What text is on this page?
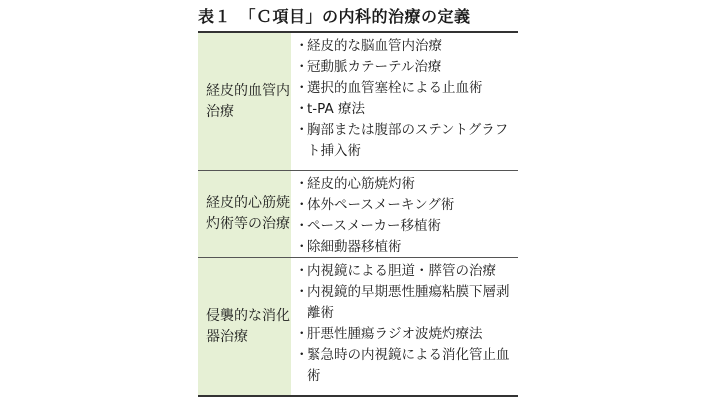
表１　「Ｃ項目」の内科的治療の定義
経皮的血管内
治療
・
経皮的な脳血管内治療
・
冠動脈カテーテル治療
・
選択的血管塞栓による止血術
・
t-PA 療法
・
胸部または腹部のステントグラフト挿入術
経皮的心筋焼
灼術等の治療
・
経皮的心筋焼灼術
・
体外ペースメーキング術
・
ペースメーカー移植術
・
除細動器移植術
侵襲的な消化
器治療
・
内視鏡による胆道・膵管の治療
・
内視鏡的早期悪性腫瘍粘膜下層剥離術
・
肝悪性腫瘍ラジオ波焼灼療法
・
緊急時の内視鏡による消化管止血術
